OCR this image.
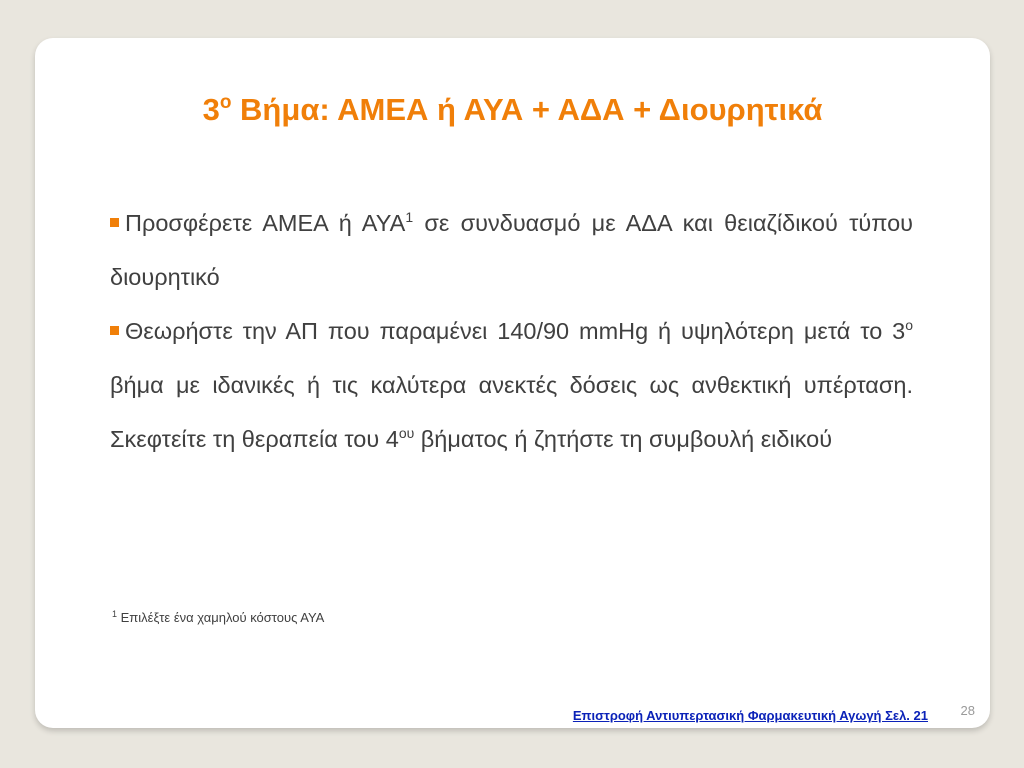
$3^o$ Βήμα: ΑΜΕΑ ή ΑΥΑ + ΑΔΑ + Διουρητικά

Προσφέρετε ΑΜΕΑ ή ΑΥΑ$^1$ σε συνδυασμό με ΑΔΑ και θειαζίδικού τύπου διουρητικό

Θεωρήστε την ΑΠ που παραμένει 140/90 mmHg ή υψηλότερη μετά το $3^o$ βήμα με ιδανικές ή τις καλύτερα ανεκτές δόσεις ως ανθεκτική υπέρταση. Σκεφτείτε τη θεραπεία του $4^{o\upsilon}$ βήματος ή ζητήστε τη συμβουλή ειδικού

$^1$ Επιλέξτε ένα χαμηλού κόστους ΑΥΑ
Επιστροφή Αντιυπερτασική Φαρμακευτική Αγωγή Σελ. 21	28
